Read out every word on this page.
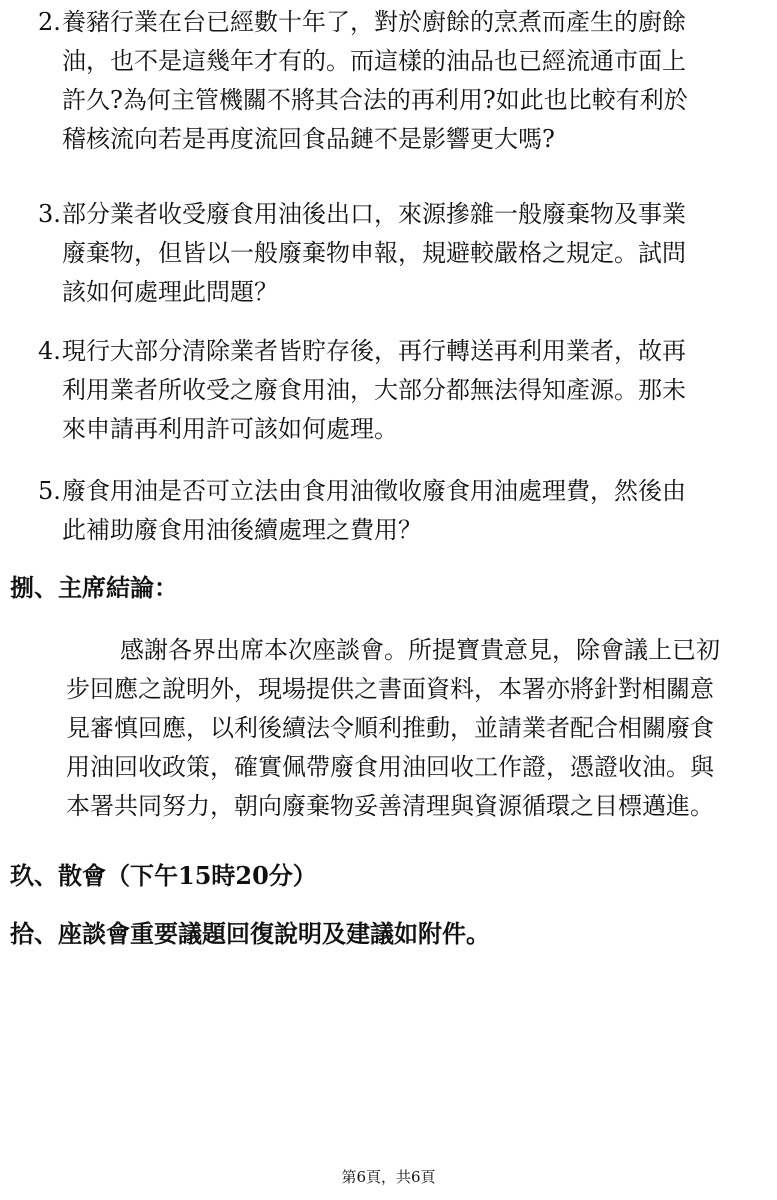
2. 養豬行業在台已經數十年了，對於廚餘的烹煮而產生的廚餘
油，也不是這幾年才有的。而這樣的油品也已經流通市面上
許久?為何主管機關不將其合法的再利用?如此也比較有利於
稽核流向若是再度流回食品鏈不是影響更大嗎?
3. 部分業者收受廢食用油後出口，來源摻雜一般廢棄物及事業
廢棄物，但皆以一般廢棄物申報，規避較嚴格之規定。試問
該如何處理此問題？
4. 現行大部分清除業者皆貯存後，再行轉送再利用業者，故再
利用業者所收受之廢食用油，大部分都無法得知產源。那未
來申請再利用許可該如何處理。
5. 廢食用油是否可立法由食用油徵收廢食用油處理費，然後由
此補助廢食用油後續處理之費用？
捌、主席結論：
感謝各界出席本次座談會。所提寶貴意見，除會議上已初
步回應之說明外，現場提供之書面資料，本署亦將針對相關意
見審慎回應，以利後續法令順利推動，並請業者配合相關廢食
用油回收政策，確實佩帶廢食用油回收工作證，憑證收油。與
本署共同努力，朝向廢棄物妥善清理與資源循環之目標邁進。
玖、散會（下午15時20分）
拾、座談會重要議題回復說明及建議如附件。
第6頁，共6頁
